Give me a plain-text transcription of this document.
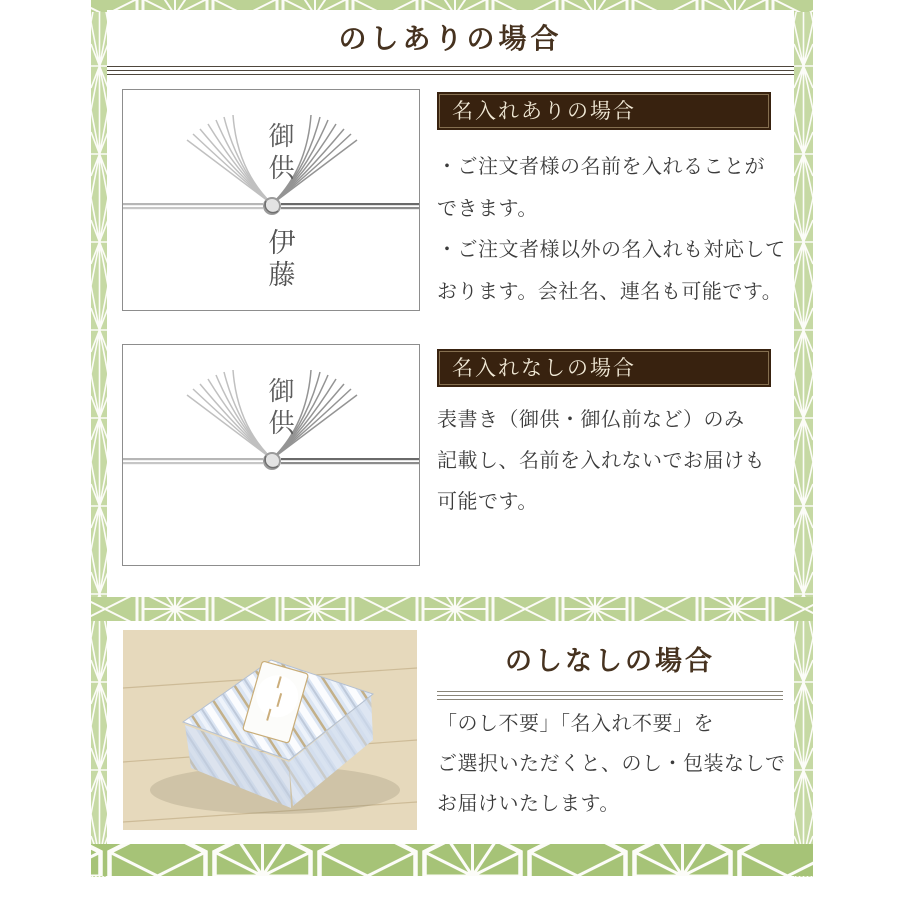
のしありの場合
御供
伊藤
名入れありの場合
・ご注文者様の名前を入れることが
できます。
・ご注文者様以外の名入れも対応して
おります。会社名、連名も可能です。
御供
名入れなしの場合
表書き（御供・御仏前など）のみ
記載し、名前を入れないでお届けも
可能です。
のしなしの場合
「のし不要」「名入れ不要」を
ご選択いただくと、のし・包装なしで
お届けいたします。
